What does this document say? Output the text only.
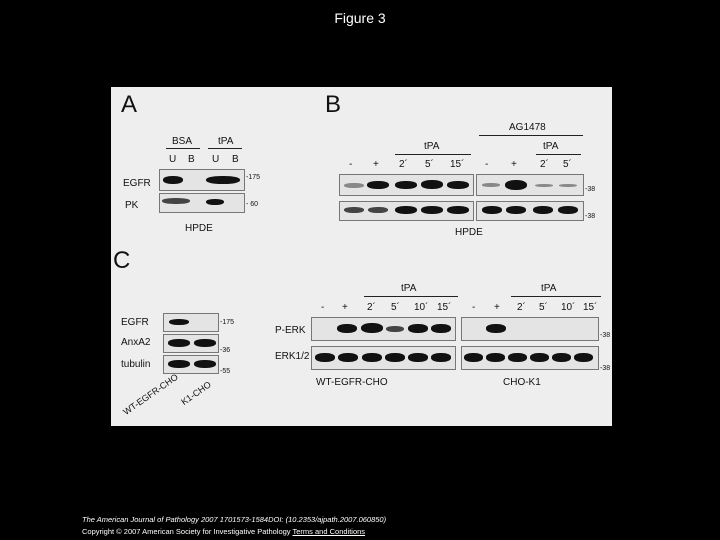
Figure 3
A
BSA	tPA
U B U B
EGFR
PK
-175
- 60
HPDE
B
AG1478
tPA	tPA
- + 2´ 5´ 15´ - + 2´ 5´
-38
-38
HPDE
C
EGFR
AnxA2
tubulin
-175
-36
-55
WT-EGFR-CHO K1-CHO
tPA	tPA
- + 2´ 5´ 10´ 15´ - + 2´ 5´ 10´ 15´
P-ERK
ERK1/2
-38
-38
WT-EGFR-CHO	CHO-K1
The American Journal of Pathology 2007 1701573-1584DOI: (10.2353/ajpath.2007.060850)
Copyright © 2007 American Society for Investigative Pathology Terms and Conditions
